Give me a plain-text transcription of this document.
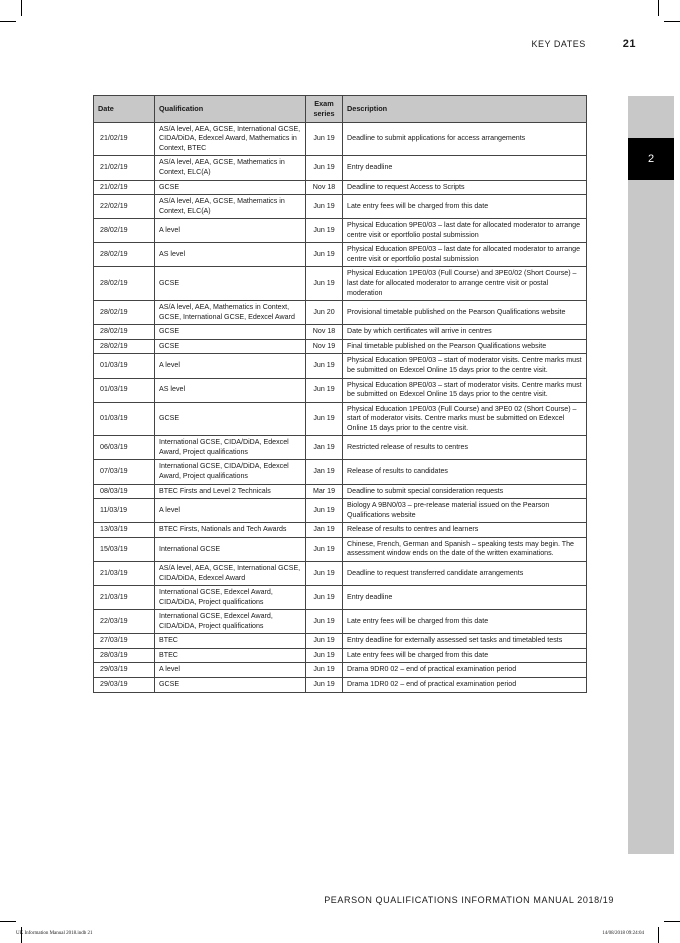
KEY DATES	21
2
Date	Qualification	Exam series	Description
21/02/19	AS/A level, AEA, GCSE, International GCSE, CIDA/DiDA, Edexcel Award, Mathematics in Context, BTEC	Jun 19	Deadline to submit applications for access arrangements
21/02/19	AS/A level, AEA, GCSE, Mathematics in Context, ELC(A)	Jun 19	Entry deadline
21/02/19	GCSE	Nov 18	Deadline to request Access to Scripts
22/02/19	AS/A level, AEA, GCSE, Mathematics in Context, ELC(A)	Jun 19	Late entry fees will be charged from this date
28/02/19	A level	Jun 19	Physical Education 9PE0/03 – last date for allocated moderator to arrange centre visit or eportfolio postal submission
28/02/19	AS level	Jun 19	Physical Education 8PE0/03 – last date for allocated moderator to arrange centre visit or eportfolio postal submission
28/02/19	GCSE	Jun 19	Physical Education 1PE0/03 (Full Course) and 3PE0/02 (Short Course) – last date for allocated moderator to arrange centre visit or postal moderation
28/02/19	AS/A level, AEA, Mathematics in Context, GCSE, International GCSE, Edexcel Award	Jun 20	Provisional timetable published on the Pearson Qualifications website
28/02/19	GCSE	Nov 18	Date by which certificates will arrive in centres
28/02/19	GCSE	Nov 19	Final timetable published on the Pearson Qualifications website
01/03/19	A level	Jun 19	Physical Education 9PE0/03 – start of moderator visits. Centre marks must be submitted on Edexcel Online 15 days prior to the centre visit.
01/03/19	AS level	Jun 19	Physical Education 8PE0/03 – start of moderator visits. Centre marks must be submitted on Edexcel Online 15 days prior to the centre visit.
01/03/19	GCSE	Jun 19	Physical Education 1PE0/03 (Full Course) and 3PE0 02 (Short Course) – start of moderator visits. Centre marks must be submitted on Edexcel Online 15 days prior to the centre visit.
06/03/19	International GCSE, CIDA/DiDA, Edexcel Award, Project qualifications	Jan 19	Restricted release of results to centres
07/03/19	International GCSE, CIDA/DiDA, Edexcel Award, Project qualifications	Jan 19	Release of results to candidates
08/03/19	BTEC Firsts and Level 2 Technicals	Mar 19	Deadline to submit special consideration requests
11/03/19	A level	Jun 19	Biology A 9BN0/03 – pre-release material issued on the Pearson Qualifications website
13/03/19	BTEC Firsts, Nationals and Tech Awards	Jan 19	Release of results to centres and learners
15/03/19	International GCSE	Jun 19	Chinese, French, German and Spanish – speaking tests may begin. The assessment window ends on the date of the written examinations.
21/03/19	AS/A level, AEA, GCSE, International GCSE, CIDA/DiDA, Edexcel Award	Jun 19	Deadline to request transferred candidate arrangements
21/03/19	International GCSE, Edexcel Award, CIDA/DiDA, Project qualifications	Jun 19	Entry deadline
22/03/19	International GCSE, Edexcel Award, CIDA/DiDA, Project qualifications	Jun 19	Late entry fees will be charged from this date
27/03/19	BTEC	Jun 19	Entry deadline for externally assessed set tasks and timetabled tests
28/03/19	BTEC	Jun 19	Late entry fees will be charged from this date
29/03/19	A level	Jun 19	Drama 9DR0 02 – end of practical examination period
29/03/19	GCSE	Jun 19	Drama 1DR0 02 – end of practical examination period
PEARSON QUALIFICATIONS INFORMATION MANUAL 2018/19
UK Information Manual 2018.indb 21	14/08/2018 09:24:04
